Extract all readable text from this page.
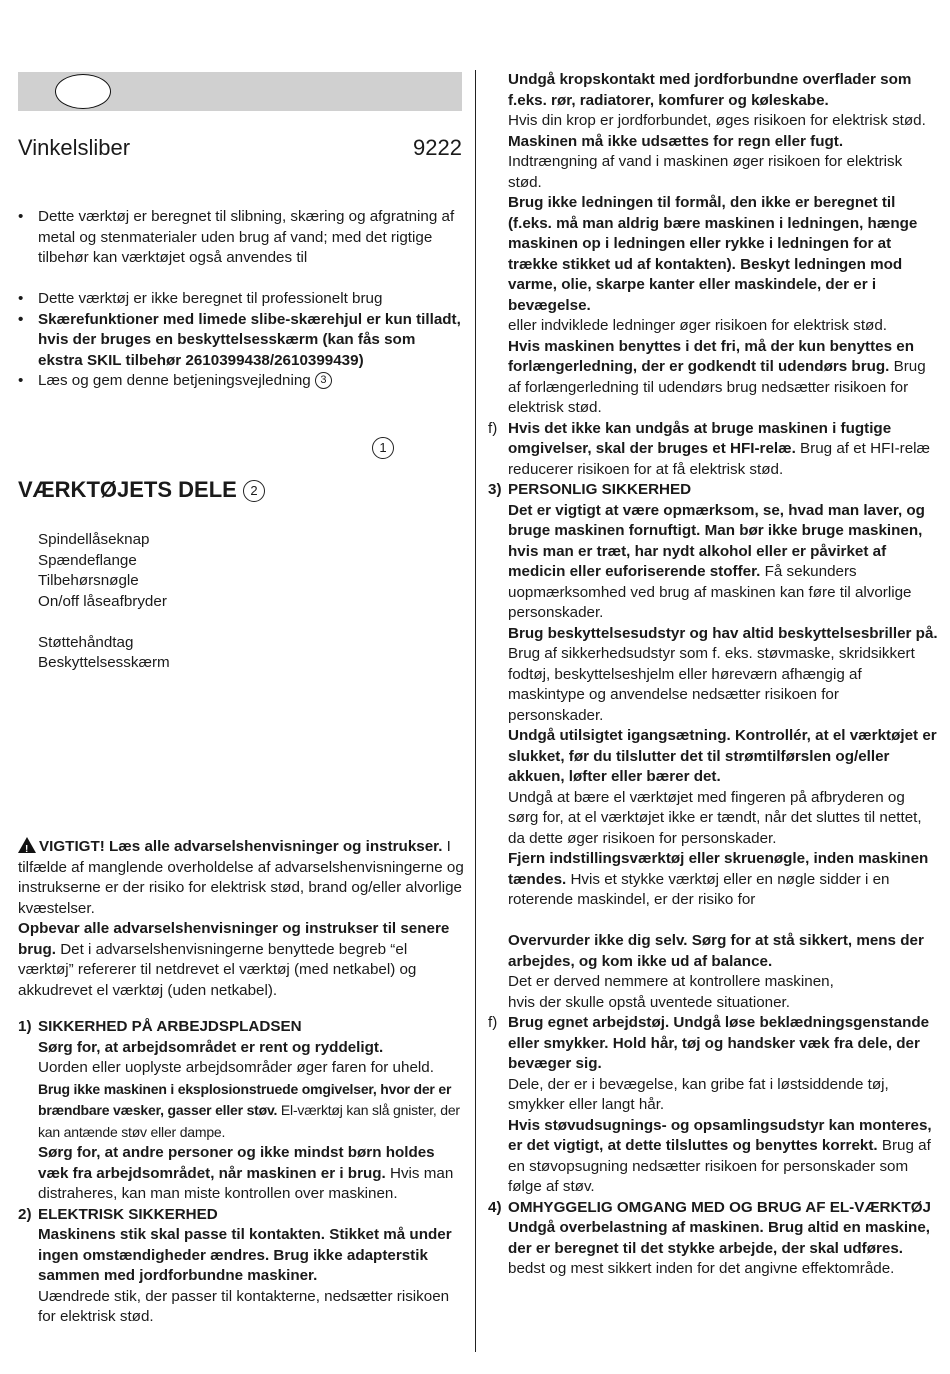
Vinkelsliber	9222
• Dette værktøj er beregnet til slibning, skæring og afgratning af metal og stenmaterialer uden brug af vand; med det rigtige tilbehør kan værktøjet også anvendes til
• Dette værktøj er ikke beregnet til professionelt brug
• Skærefunktioner med limede slibe-skærehjul er kun tilladt, hvis der bruges en beskyttelsesskærm (kan fås som ekstra SKIL tilbehør 2610399438/2610399439)
• Læs og gem denne betjeningsvejledning 3
1
VÆRKTØJETS DELE 2
Spindellåseknap
Spændeflange
Tilbehørsnøgle
On/off låseafbryder
Støttehåndtag
Beskyttelsesskærm
! VIGTIGT! Læs alle advarselshenvisninger og instrukser. I tilfælde af manglende overholdelse af advarselshenvisningerne og instrukserne er der risiko for elektrisk stød, brand og/eller alvorlige kvæstelser.
Opbevar alle advarselshenvisninger og instrukser til senere brug. Det i advarselshenvisningerne benyttede begreb “el værktøj” refererer til netdrevet el værktøj (med netkabel) og akkudrevet el værktøj (uden netkabel).
1) SIKKERHED PÅ ARBEJDSPLADSEN
Sørg for, at arbejdsområdet er rent og ryddeligt.
Uorden eller uoplyste arbejdsområder øger faren for uheld.
Brug ikke maskinen i eksplosionstruede omgivelser, hvor der er brændbare væsker, gasser eller støv. El-værktøj kan slå gnister, der kan antænde støv eller dampe.
Sørg for, at andre personer og ikke mindst børn holdes væk fra arbejdsområdet, når maskinen er i brug. Hvis man distraheres, kan man miste kontrollen over maskinen.
2) ELEKTRISK SIKKERHED
Maskinens stik skal passe til kontakten. Stikket må under ingen omstændigheder ændres. Brug ikke adapterstik sammen med jordforbundne maskiner.
Uændrede stik, der passer til kontakterne, nedsætter risikoen for elektrisk stød.
Undgå kropskontakt med jordforbundne overflader som f.eks. rør, radiatorer, komfurer og køleskabe.
Hvis din krop er jordforbundet, øges risikoen for elektrisk stød.
Maskinen må ikke udsættes for regn eller fugt.
Indtrængning af vand i maskinen øger risikoen for elektrisk stød.
Brug ikke ledningen til formål, den ikke er beregnet til (f.eks. må man aldrig bære maskinen i ledningen, hænge maskinen op i ledningen eller rykke i ledningen for at trække stikket ud af kontakten). Beskyt ledningen mod varme, olie, skarpe kanter eller maskindele, der er i bevægelse.
eller indviklede ledninger øger risikoen for elektrisk stød.
Hvis maskinen benyttes i det fri, må der kun benyttes en forlængerledning, der er godkendt til udendørs brug. Brug af forlængerledning til udendørs brug nedsætter risikoen for elektrisk stød.
f) Hvis det ikke kan undgås at bruge maskinen i fugtige omgivelser, skal der bruges et HFI-relæ. Brug af et HFI-relæ reducerer risikoen for at få elektrisk stød.
3) PERSONLIG SIKKERHED
Det er vigtigt at være opmærksom, se, hvad man laver, og bruge maskinen fornuftigt. Man bør ikke bruge maskinen, hvis man er træt, har nydt alkohol eller er påvirket af medicin eller euforiserende stoffer. Få sekunders uopmærksomhed ved brug af maskinen kan føre til alvorlige personskader.
Brug beskyttelsesudstyr og hav altid beskyttelsesbriller på. Brug af sikkerhedsudstyr som f. eks. støvmaske, skridsikkert fodtøj, beskyttelseshjelm eller høreværn afhængig af maskintype og anvendelse nedsætter risikoen for personskader.
Undgå utilsigtet igangsætning. Kontrollér, at el værktøjet er slukket, før du tilslutter det til strømtilførslen og/eller akkuen, løfter eller bærer det.
Undgå at bære el værktøjet med fingeren på afbryderen og sørg for, at el værktøjet ikke er tændt, når det sluttes til nettet, da dette øger risikoen for personskader.
Fjern indstillingsværktøj eller skruenøgle, inden maskinen tændes. Hvis et stykke værktøj eller en nøgle sidder i en roterende maskindel, er der risiko for

Overvurder ikke dig selv. Sørg for at stå sikkert, mens der arbejdes, og kom ikke ud af balance.
Det er derved nemmere at kontrollere maskinen,
hvis der skulle opstå uventede situationer.
f) Brug egnet arbejdstøj. Undgå løse beklædningsgenstande eller smykker. Hold hår, tøj og handsker væk fra dele, der bevæger sig.
Dele, der er i bevægelse, kan gribe fat i løstsiddende tøj, smykker eller langt hår.
Hvis støvudsugnings- og opsamlingsudstyr kan monteres, er det vigtigt, at dette tilsluttes og benyttes korrekt. Brug af en støvopsugning nedsætter risikoen for personskader som følge af støv.
4) OMHYGGELIG OMGANG MED OG BRUG AF EL-VÆRKTØJ
Undgå overbelastning af maskinen. Brug altid en maskine, der er beregnet til det stykke arbejde, der skal udføres.
bedst og mest sikkert inden for det angivne effektområde.
